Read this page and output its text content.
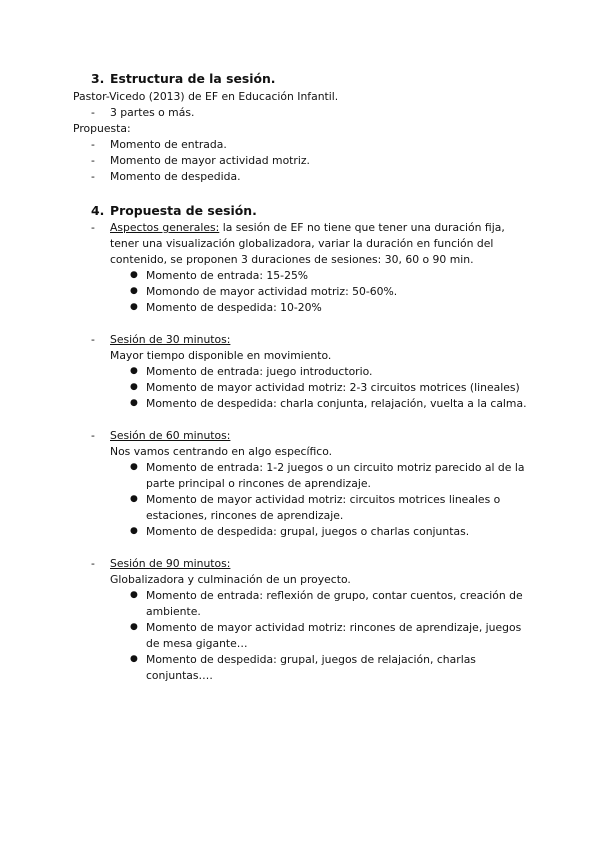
3. Estructura de la sesión.
Pastor-Vicedo (2013) de EF en Educación Infantil.
- 3 partes o más.
Propuesta:
- Momento de entrada.
- Momento de mayor actividad motriz.
- Momento de despedida.
4. Propuesta de sesión.
- Aspectos generales: la sesión de EF no tiene que tener una duración fija,
tener una visualización globalizadora, variar la duración en función del
contenido, se proponen 3 duraciones de sesiones: 30, 60 o 90 min.
● Momento de entrada: 15-25%
● Momondo de mayor actividad motriz: 50-60%.
● Momento de despedida: 10-20%
- Sesión de 30 minutos:
Mayor tiempo disponible en movimiento.
● Momento de entrada: juego introductorio.
● Momento de mayor actividad motriz: 2-3 circuitos motrices (lineales)
● Momento de despedida: charla conjunta, relajación, vuelta a la calma.
- Sesión de 60 minutos:
Nos vamos centrando en algo específico.
● Momento de entrada: 1-2 juegos o un circuito motriz parecido al de la
parte principal o rincones de aprendizaje.
● Momento de mayor actividad motriz: circuitos motrices lineales o
estaciones, rincones de aprendizaje.
● Momento de despedida: grupal, juegos o charlas conjuntas.
- Sesión de 90 minutos:
Globalizadora y culminación de un proyecto.
● Momento de entrada: reflexión de grupo, contar cuentos, creación de
ambiente.
● Momento de mayor actividad motriz: rincones de aprendizaje, juegos
de mesa gigante…
● Momento de despedida: grupal, juegos de relajación, charlas
conjuntas….
